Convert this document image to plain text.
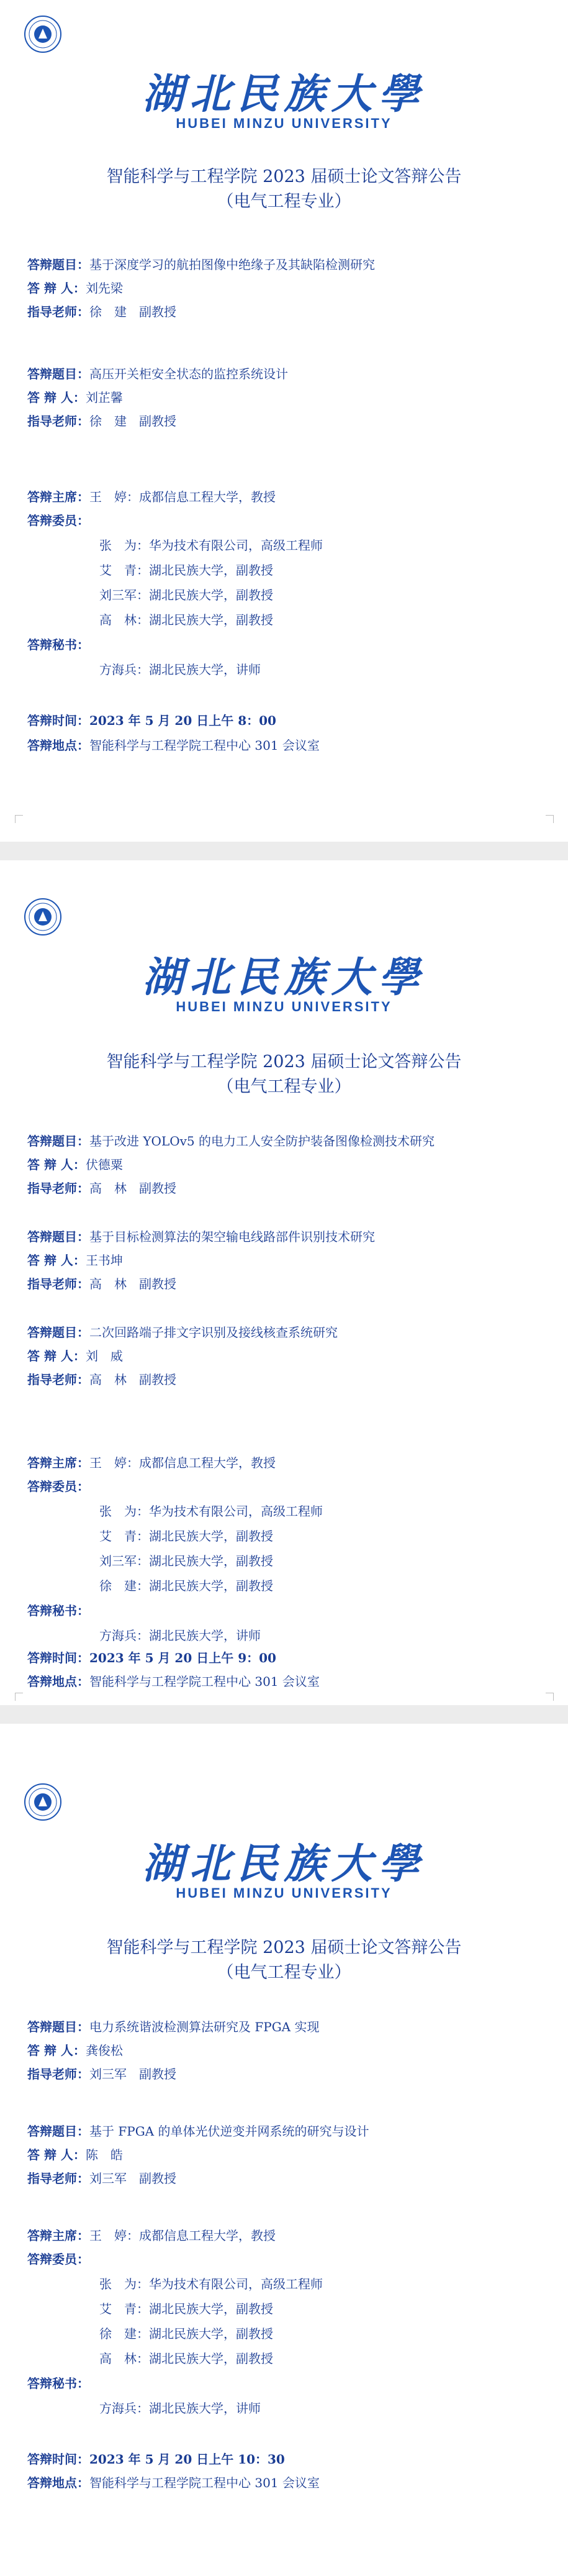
湖北民族大學
HUBEI MINZU UNIVERSITY
智能科学与工程学院 2023 届硕士论文答辩公告
（电气工程专业）
答辩题目：基于深度学习的航拍图像中绝缘子及其缺陷检测研究
答 辩 人：刘先梁
指导老师：徐　建　副教授
答辩题目：高压开关柜安全状态的监控系统设计
答 辩 人：刘芷馨
指导老师：徐　建　副教授
答辩主席：王　婷：成都信息工程大学，教授
答辩委员：
张　为：华为技术有限公司，高级工程师
艾　青：湖北民族大学，副教授
刘三军：湖北民族大学，副教授
高　林：湖北民族大学，副教授
答辩秘书：
方海兵：湖北民族大学，讲师
答辩时间：2023 年 5 月 20 日上午 8：00
答辩地点：智能科学与工程学院工程中心 301 会议室
湖北民族大學
HUBEI MINZU UNIVERSITY
智能科学与工程学院 2023 届硕士论文答辩公告
（电气工程专业）
答辩题目：基于改进 YOLOv5 的电力工人安全防护装备图像检测技术研究
答 辩 人：伏德粟
指导老师：高　林　副教授
答辩题目：基于目标检测算法的架空输电线路部件识别技术研究
答 辩 人：王书坤
指导老师：高　林　副教授
答辩题目：二次回路端子排文字识别及接线核查系统研究
答 辩 人：刘　威
指导老师：高　林　副教授
答辩主席：王　婷：成都信息工程大学，教授
答辩委员：
张　为：华为技术有限公司，高级工程师
艾　青：湖北民族大学，副教授
刘三军：湖北民族大学，副教授
徐　建：湖北民族大学，副教授
答辩秘书：
方海兵：湖北民族大学，讲师
答辩时间：2023 年 5 月 20 日上午 9：00
答辩地点：智能科学与工程学院工程中心 301 会议室
湖北民族大學
HUBEI MINZU UNIVERSITY
智能科学与工程学院 2023 届硕士论文答辩公告
（电气工程专业）
答辩题目：电力系统谐波检测算法研究及 FPGA 实现
答 辩 人：龚俊松
指导老师：刘三军　副教授
答辩题目：基于 FPGA 的单体光伏逆变并网系统的研究与设计
答 辩 人：陈　皓
指导老师：刘三军　副教授
答辩主席：王　婷：成都信息工程大学，教授
答辩委员：
张　为：华为技术有限公司，高级工程师
艾　青：湖北民族大学，副教授
徐　建：湖北民族大学，副教授
高　林：湖北民族大学，副教授
答辩秘书：
方海兵：湖北民族大学，讲师
答辩时间：2023 年 5 月 20 日上午 10：30
答辩地点：智能科学与工程学院工程中心 301 会议室
